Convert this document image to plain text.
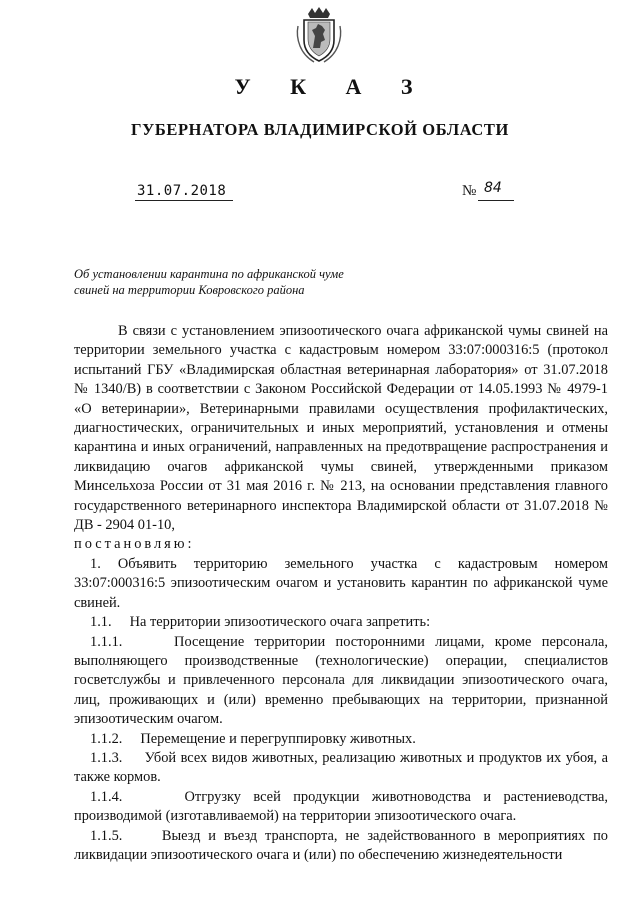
У К А З
ГУБЕРНАТОРА ВЛАДИМИРСКОЙ ОБЛАСТИ
31.07.2018	№ 84
Об установлении карантина по африканской чуме
свиней на территории Ковровского района

В связи с установлением эпизоотического очага африканской чумы свиней на территории земельного участка с кадастровым номером 33:07:000316:5 (протокол испытаний ГБУ «Владимирская областная ветеринарная лаборатория» от 31.07.2018 № 1340/В) в соответствии с Законом Российской Федерации от 14.05.1993 № 4979-1 «О ветеринарии», Ветеринарными правилами осуществления профилактических, диагностических, ограничительных и иных мероприятий, установления и отмены карантина и иных ограничений, направленных на предотвращение распространения и ликвидацию очагов африканской чумы свиней, утвержденными приказом Минсельхоза России от 31 мая 2016 г. № 213, на основании представления главного государственного ветеринарного инспектора Владимирской области от 31.07.2018 № ДВ - 2904 01-10,

постановляю:

1. Объявить территорию земельного участка с кадастровым номером 33:07:000316:5 эпизоотическим очагом и установить карантин по африканской чуме свиней.

1.1.     На территории эпизоотического очага запретить:

1.1.1.     Посещение территории посторонними лицами, кроме персонала, выполняющего производственные (технологические) операции, специалистов госветслужбы и привлеченного персонала для ликвидации эпизоотического очага, лиц, проживающих и (или) временно пребывающих на территории, признанной эпизоотическим очагом.

1.1.2.     Перемещение и перегруппировку животных.

1.1.3.     Убой всех видов животных, реализацию животных и продуктов их убоя, а также кормов.

1.1.4.     Отгрузку всей продукции животноводства и растениеводства, производимой (изготавливаемой) на территории эпизоотического очага.

1.1.5.     Выезд и въезд транспорта, не задействованного в мероприятиях по ликвидации эпизоотического очага и (или) по обеспечению жизнедеятельности
